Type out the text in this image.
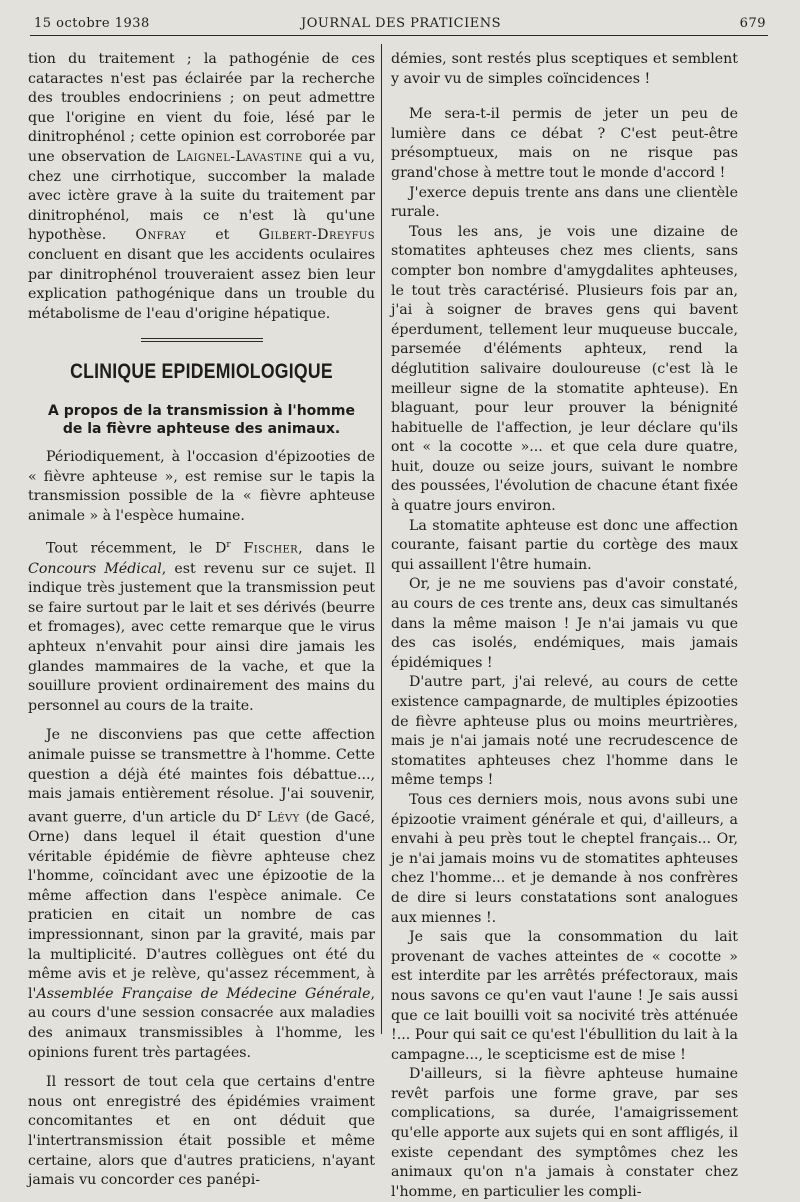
15 octobre 1938	JOURNAL DES PRATICIENS	679

tion du traitement ; la pathogénie de ces cataractes n'est pas éclairée par la recherche des troubles endocriniens ; on peut admettre que l'origine en vient du foie, lésé par le dinitrophénol ; cette opinion est corroborée par une observation de Laignel-Lavastine qui a vu, chez une cirrhotique, succomber la malade avec ictère grave à la suite du traitement par dinitrophénol, mais ce n'est là qu'une hypothèse. Onfray et Gilbert-Dreyfus concluent en disant que les accidents oculaires par dinitrophénol trouveraient assez bien leur explication pathogénique dans un trouble du métabolisme de l'eau d'origine hépatique.

CLINIQUE EPIDEMIOLOGIQUE
A propos de la transmission à l'homme
de la fièvre aphteuse des animaux.

Périodiquement, à l'occasion d'épizooties de « fièvre aphteuse », est remise sur le tapis la transmission possible de la « fièvre aphteuse animale » à l'espèce humaine.

Tout récemment, le $D^r$ Fischer, dans le Concours Médical, est revenu sur ce sujet. Il indique très justement que la transmission peut se faire surtout par le lait et ses dérivés (beurre et fromages), avec cette remarque que le virus aphteux n'envahit pour ainsi dire jamais les glandes mammaires de la vache, et que la souillure provient ordinairement des mains du personnel au cours de la traite.

Je ne disconviens pas que cette affection animale puisse se transmettre à l'homme. Cette question a déjà été maintes fois débattue..., mais jamais entièrement résolue. J'ai souvenir, avant guerre, d'un article du $D^r$ Lévy (de Gacé, Orne) dans lequel il était question d'une véritable épidémie de fièvre aphteuse chez l'homme, coïncidant avec une épizootie de la même affection dans l'espèce animale. Ce praticien en citait un nombre de cas impressionnant, sinon par la gravité, mais par la multiplicité. D'autres collègues ont été du même avis et je relève, qu'assez récemment, à l'Assemblée Française de Médecine Générale, au cours d'une session consacrée aux maladies des animaux transmissibles à l'homme, les opinions furent très partagées.

Il ressort de tout cela que certains d'entre nous ont enregistré des épidémies vraiment concomitantes et en ont déduit que l'intertransmission était possible et même certaine, alors que d'autres praticiens, n'ayant jamais vu concorder ces panépi-

démies, sont restés plus sceptiques et semblent y avoir vu de simples coïncidences !

Me sera-t-il permis de jeter un peu de lumière dans ce débat ? C'est peut-être présomptueux, mais on ne risque pas grand'chose à mettre tout le monde d'accord !

J'exerce depuis trente ans dans une clientèle rurale.

Tous les ans, je vois une dizaine de stomatites aphteuses chez mes clients, sans compter bon nombre d'amygdalites aphteuses, le tout très caractérisé. Plusieurs fois par an, j'ai à soigner de braves gens qui bavent éperdument, tellement leur muqueuse buccale, parsemée d'éléments aphteux, rend la déglutition salivaire douloureuse (c'est là le meilleur signe de la stomatite aphteuse). En blaguant, pour leur prouver la bénignité habituelle de l'affection, je leur déclare qu'ils ont « la cocotte »... et que cela dure quatre, huit, douze ou seize jours, suivant le nombre des poussées, l'évolution de chacune étant fixée à quatre jours environ.

La stomatite aphteuse est donc une affection courante, faisant partie du cortège des maux qui assaillent l'être humain.

Or, je ne me souviens pas d'avoir constaté, au cours de ces trente ans, deux cas simultanés dans la même maison ! Je n'ai jamais vu que des cas isolés, endémiques, mais jamais épidémiques !

D'autre part, j'ai relevé, au cours de cette existence campagnarde, de multiples épizooties de fièvre aphteuse plus ou moins meurtrières, mais je n'ai jamais noté une recrudescence de stomatites aphteuses chez l'homme dans le même temps !

Tous ces derniers mois, nous avons subi une épizootie vraiment générale et qui, d'ailleurs, a envahi à peu près tout le cheptel français... Or, je n'ai jamais moins vu de stomatites aphteuses chez l'homme... et je demande à nos confrères de dire si leurs constatations sont analogues aux miennes !.

Je sais que la consommation du lait provenant de vaches atteintes de « cocotte » est interdite par les arrêtés préfectoraux, mais nous savons ce qu'en vaut l'aune ! Je sais aussi que ce lait bouilli voit sa nocivité très atténuée !... Pour qui sait ce qu'est l'ébullition du lait à la campagne..., le scepticisme est de mise !

D'ailleurs, si la fièvre aphteuse humaine revêt parfois une forme grave, par ses complications, sa durée, l'amaigrissement qu'elle apporte aux sujets qui en sont affligés, il existe cependant des symptômes chez les animaux qu'on n'a jamais à constater chez l'homme, en particulier les compli-
